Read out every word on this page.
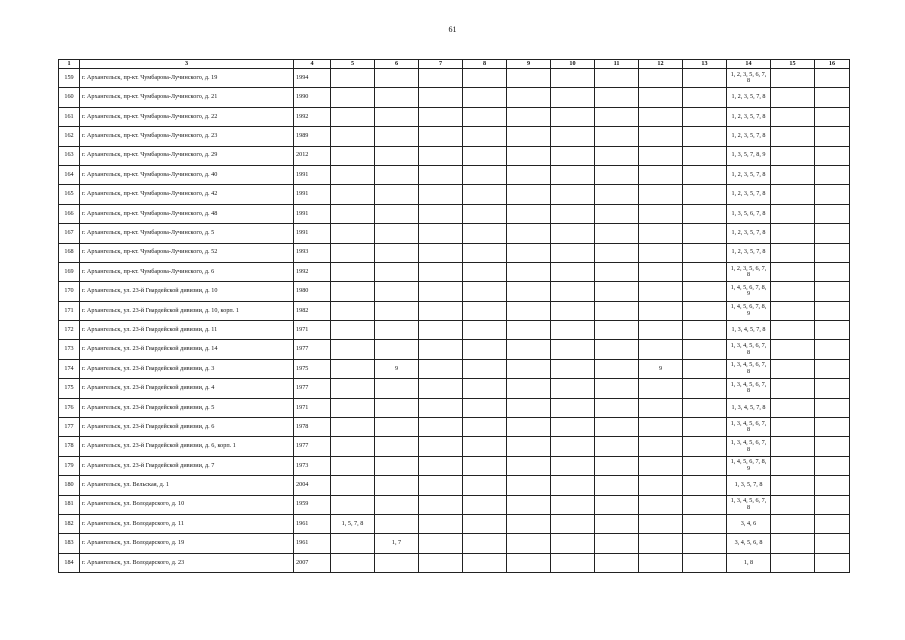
61
1	3	4	5	6	7	8	9	10	11	12	13	14	15	16
159	г. Архангельск, пр-кт. Чумбарова-Лучинского, д. 19	1994										1, 2, 3, 5, 6, 7, 8		
160	г. Архангельск, пр-кт. Чумбарова-Лучинского, д. 21	1990										1, 2, 3, 5, 7, 8		
161	г. Архангельск, пр-кт. Чумбарова-Лучинского, д. 22	1992										1, 2, 3, 5, 7, 8		
162	г. Архангельск, пр-кт. Чумбарова-Лучинского, д. 23	1989										1, 2, 3, 5, 7, 8		
163	г. Архангельск, пр-кт. Чумбарова-Лучинского, д. 29	2012										1, 3, 5, 7, 8, 9		
164	г. Архангельск, пр-кт. Чумбарова-Лучинского, д. 40	1991										1, 2, 3, 5, 7, 8		
165	г. Архангельск, пр-кт. Чумбарова-Лучинского, д. 42	1991										1, 2, 3, 5, 7, 8		
166	г. Архангельск, пр-кт. Чумбарова-Лучинского, д. 48	1991										1, 3, 5, 6, 7, 8		
167	г. Архангельск, пр-кт. Чумбарова-Лучинского, д. 5	1991										1, 2, 3, 5, 7, 8		
168	г. Архангельск, пр-кт. Чумбарова-Лучинского, д. 52	1993										1, 2, 3, 5, 7, 8		
169	г. Архангельск, пр-кт. Чумбарова-Лучинского, д. 6	1992										1, 2, 3, 5, 6, 7, 8		
170	г. Архангельск, ул. 23-й Гвардейской дивизии, д. 10	1980										1, 4, 5, 6, 7, 8, 9		
171	г. Архангельск, ул. 23-й Гвардейской дивизии, д. 10, корп. 1	1982										1, 4, 5, 6, 7, 8, 9		
172	г. Архангельск, ул. 23-й Гвардейской дивизии, д. 11	1971										1, 3, 4, 5, 7, 8		
173	г. Архангельск, ул. 23-й Гвардейской дивизии, д. 14	1977										1, 3, 4, 5, 6, 7, 8		
174	г. Архангельск, ул. 23-й Гвардейской дивизии, д. 3	1975		9						9		1, 3, 4, 5, 6, 7, 8		
175	г. Архангельск, ул. 23-й Гвардейской дивизии, д. 4	1977										1, 3, 4, 5, 6, 7, 8		
176	г. Архангельск, ул. 23-й Гвардейской дивизии, д. 5	1971										1, 3, 4, 5, 7, 8		
177	г. Архангельск, ул. 23-й Гвардейской дивизии, д. 6	1978										1, 3, 4, 5, 6, 7, 8		
178	г. Архангельск, ул. 23-й Гвардейской дивизии, д. 6, корп. 1	1977										1, 3, 4, 5, 6, 7, 8		
179	г. Архангельск, ул. 23-й Гвардейской дивизии, д. 7	1973										1, 4, 5, 6, 7, 8, 9		
180	г. Архангельск, ул. Вельская, д. 1	2004										1, 3, 5, 7, 8		
181	г. Архангельск, ул. Володарского, д. 10	1959										1, 3, 4, 5, 6, 7, 8		
182	г. Архангельск, ул. Володарского, д. 11	1961	1, 5, 7, 8									3, 4, 6		
183	г. Архангельск, ул. Володарского, д. 19	1961		1, 7								3, 4, 5, 6, 8		
184	г. Архангельск, ул. Володарского, д. 23	2007										1, 8		
